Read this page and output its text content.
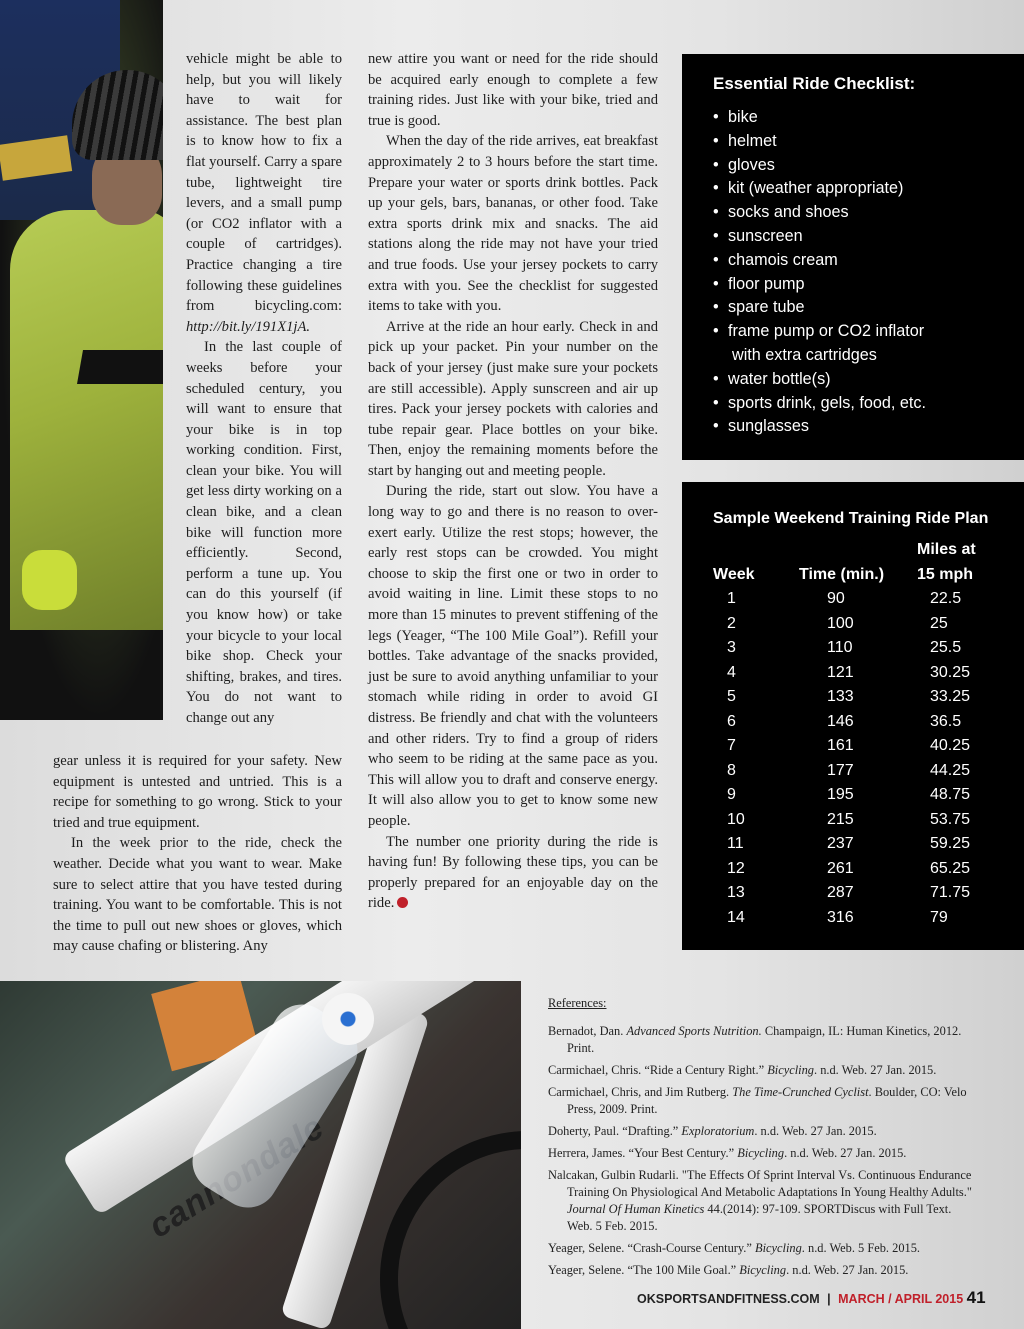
vehicle might be able to help, but you will likely have to wait for assistance. The best plan is to know how to fix a flat yourself. Carry a spare tube, lightweight tire levers, and a small pump (or CO2 inflator with a couple of cartridges). Practice changing a tire following these guidelines from bicycling.com: http://bit.ly/191X1jA.

In the last couple of weeks before your scheduled century, you will want to ensure that your bike is in top working condition. First, clean your bike. You will get less dirty working on a clean bike, and a clean bike will function more efficiently. Second, perform a tune up. You can do this yourself (if you know how) or take your bicycle to your local bike shop. Check your shifting, brakes, and tires. You do not want to change out any

gear unless it is required for your safety. New equipment is untested and untried. This is a recipe for something to go wrong. Stick to your tried and true equipment.

In the week prior to the ride, check the weather. Decide what you want to wear. Make sure to select attire that you have tested during training. You want to be comfortable. This is not the time to pull out new shoes or gloves, which may cause chafing or blistering. Any

new attire you want or need for the ride should be acquired early enough to complete a few training rides. Just like with your bike, tried and true is good.

When the day of the ride arrives, eat breakfast approximately 2 to 3 hours before the start time. Prepare your water or sports drink bottles. Pack up your gels, bars, bananas, or other food. Take extra sports drink mix and snacks. The aid stations along the ride may not have your tried and true foods. Use your jersey pockets to carry extra with you. See the checklist for suggested items to take with you.

Arrive at the ride an hour early. Check in and pick up your packet. Pin your number on the back of your jersey (just make sure your pockets are still accessible). Apply sunscreen and air up tires. Pack your jersey pockets with calories and tube repair gear. Place bottles on your bike. Then, enjoy the remaining moments before the start by hanging out and meeting people.

During the ride, start out slow. You have a long way to go and there is no reason to over-exert early. Utilize the rest stops; however, the early rest stops can be crowded. You might choose to skip the first one or two in order to avoid waiting in line. Limit these stops to no more than 15 minutes to prevent stiffening of the legs (Yeager, “The 100 Mile Goal”). Refill your bottles. Take advantage of the snacks provided, just be sure to avoid anything unfamiliar to your stomach while riding in order to avoid GI distress. Be friendly and chat with the volunteers and other riders. Try to find a group of riders who seem to be riding at the same pace as you. This will allow you to draft and conserve energy. It will also allow you to get to know some new people.

The number one priority during the ride is having fun! By following these tips, you can be properly prepared for an enjoyable day on the ride.

Essential Ride Checklist:
• bike
• helmet
• gloves
• kit (weather appropriate)
• socks and shoes
• sunscreen
• chamois cream
• floor pump
• spare tube
• frame pump or CO2 inflator
with extra cartridges
• water bottle(s)
• sports drink, gels, food, etc.
• sunglasses
Sample Weekend Training Ride Plan
Miles at
Week	Time (min.) 15 mph
1	90	22.5
2	100	25
3	110	25.5
4	121	30.25
5	133	33.25
6	146	36.5
7	161	40.25
8	177	44.25
9	195	48.75
10	215	53.75
11	237	59.25
12	261	65.25
13	287	71.75
14	316	79
References:
Bernadot, Dan. Advanced Sports Nutrition. Champaign, IL: Human Kinetics, 2012. Print.
Carmichael, Chris. “Ride a Century Right.” Bicycling. n.d. Web. 27 Jan. 2015.
Carmichael, Chris, and Jim Rutberg. The Time-Crunched Cyclist. Boulder, CO: Velo Press, 2009. Print.
Doherty, Paul. “Drafting.” Exploratorium. n.d. Web. 27 Jan. 2015.
Herrera, James. “Your Best Century.” Bicycling. n.d. Web. 27 Jan. 2015.
Nalcakan, Gulbin Rudarli. "The Effects Of Sprint Interval Vs. Continuous Endurance Training On Physiological And Metabolic Adaptations In Young Healthy Adults." Journal Of Human Kinetics 44.(2014): 97-109. SPORTDiscus with Full Text. Web. 5 Feb. 2015.
Yeager, Selene. “Crash-Course Century.” Bicycling. n.d. Web. 5 Feb. 2015.
Yeager, Selene. “The 100 Mile Goal.” Bicycling. n.d. Web. 27 Jan. 2015.
OKSPORTSANDFITNESS.COM | MARCH / APRIL 2015 41
